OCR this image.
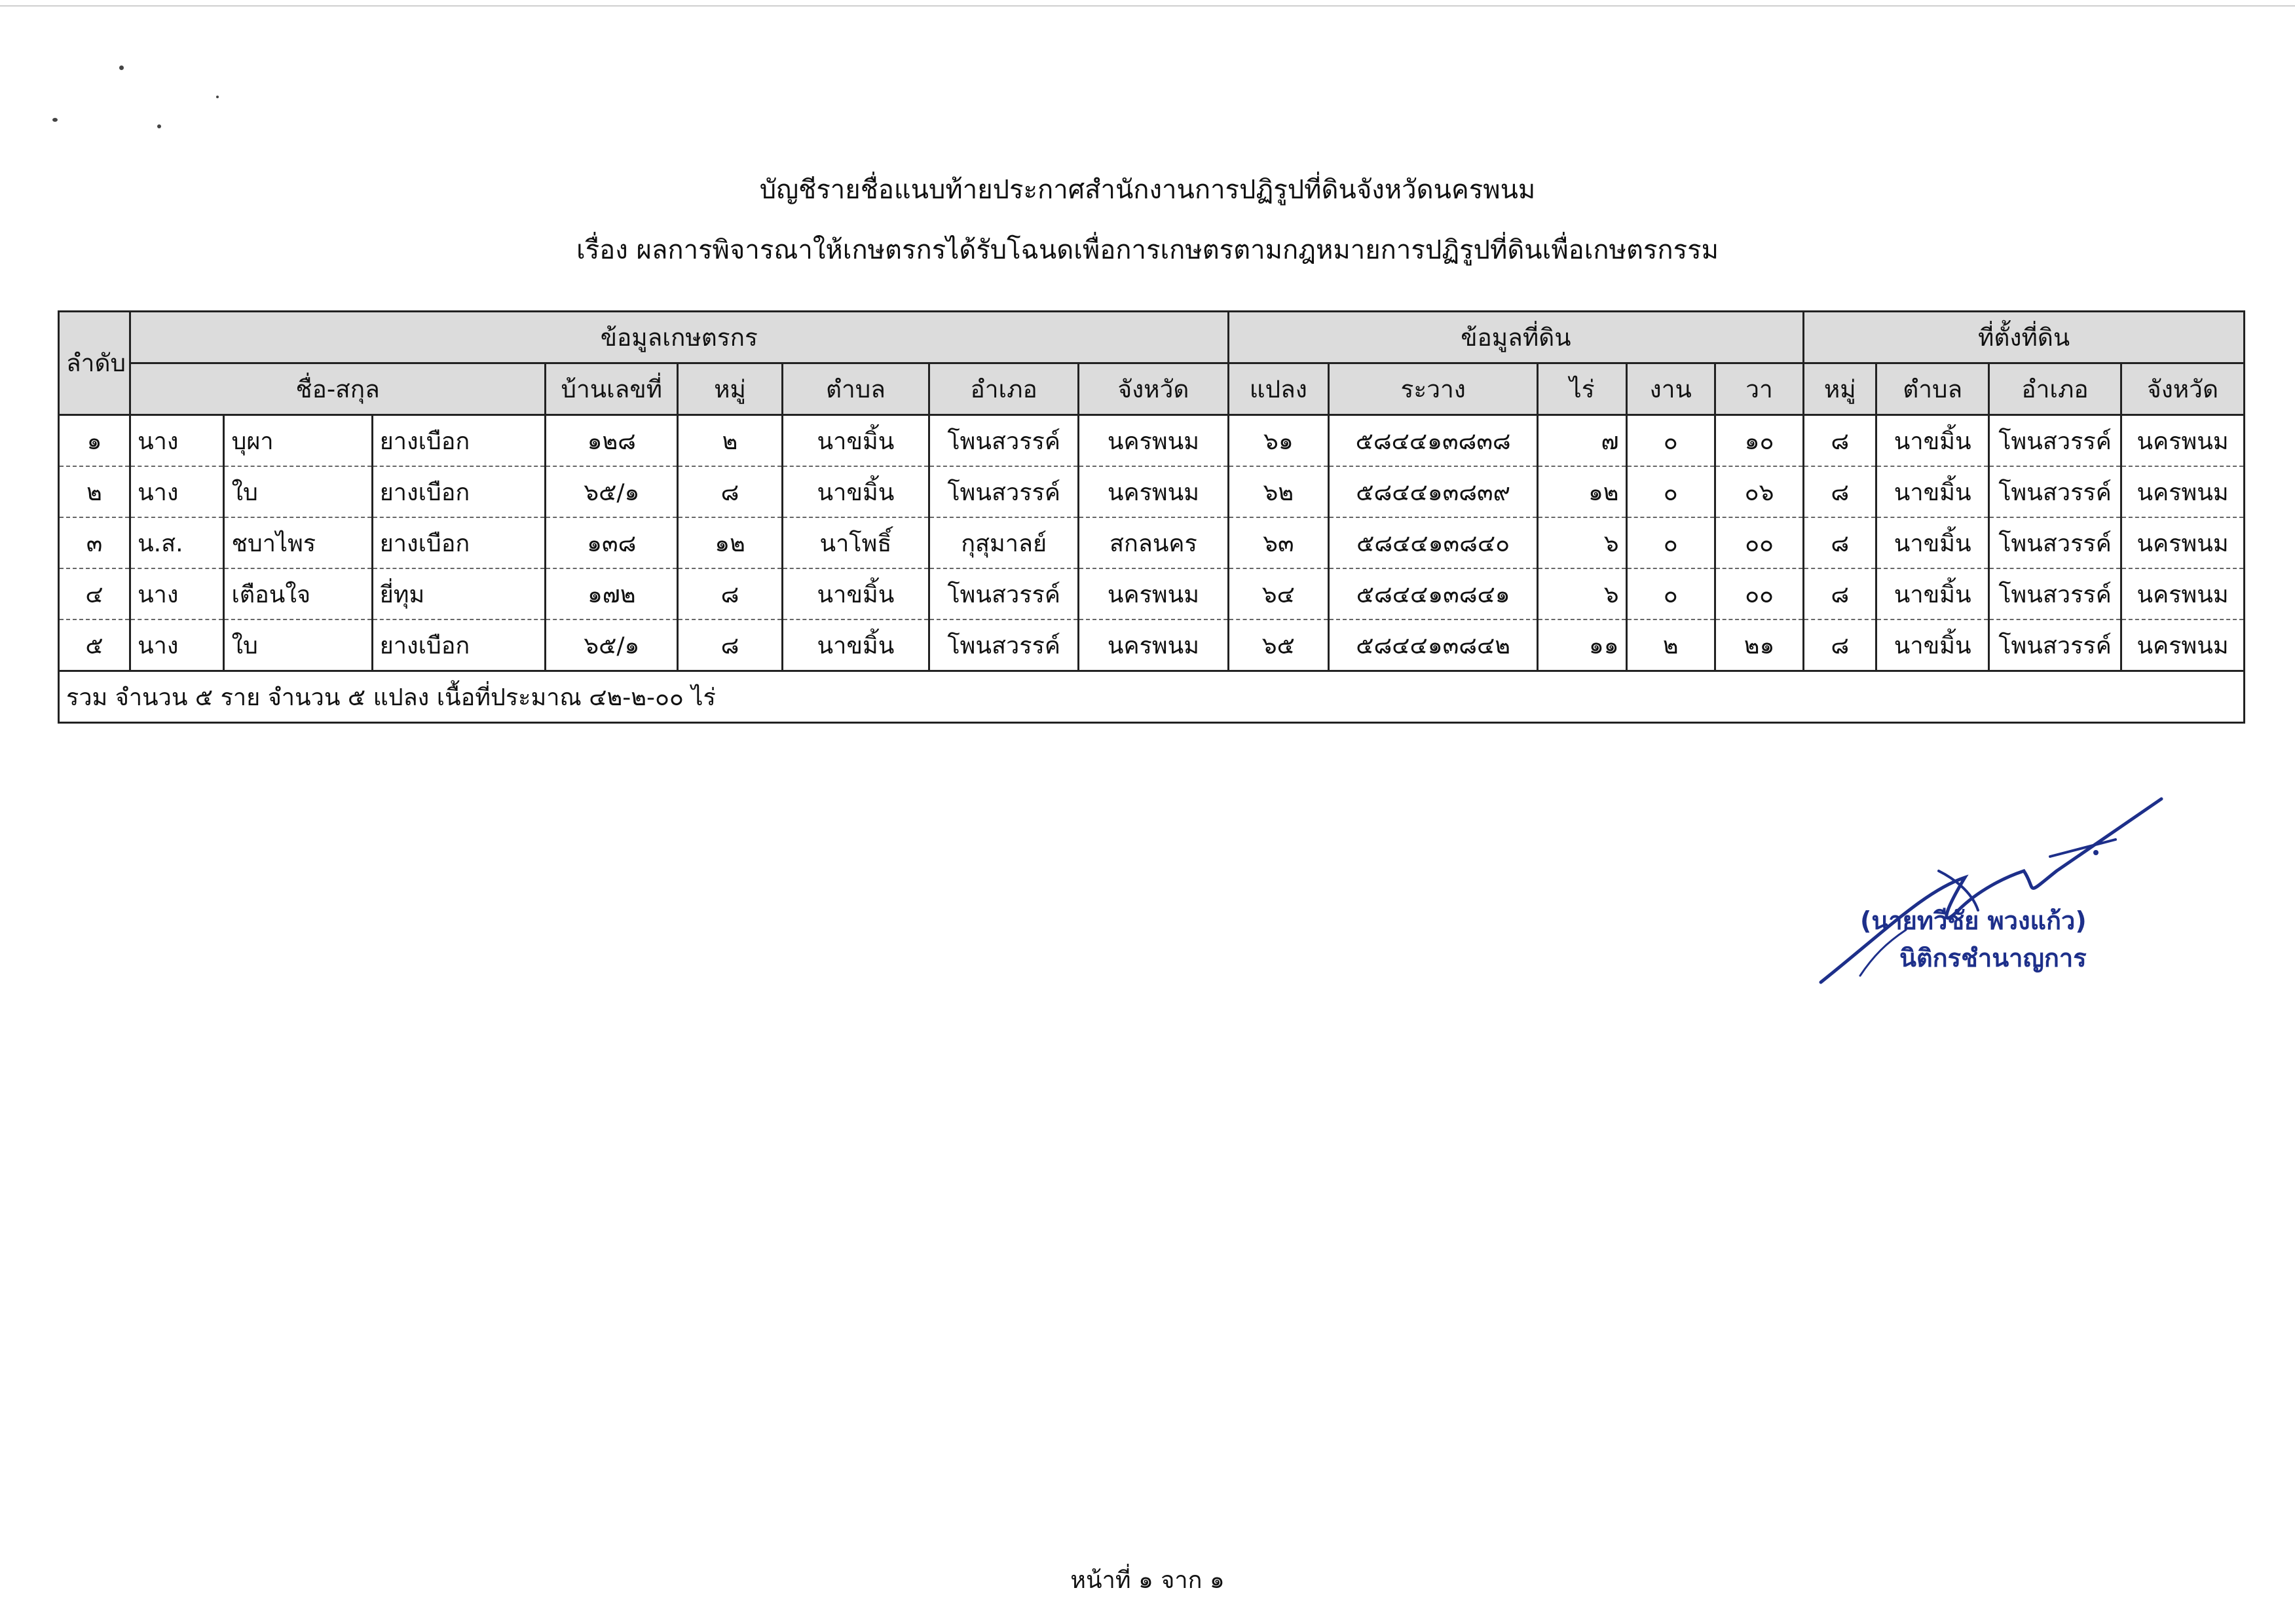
บัญชีรายชื่อแนบท้ายประกาศสำนักงานการปฏิรูปที่ดินจังหวัดนครพนม
เรื่อง ผลการพิจารณาให้เกษตรกรได้รับโฉนดเพื่อการเกษตรตามกฎหมายการปฏิรูปที่ดินเพื่อเกษตรกรรม
ลำดับ	ข้อมูลเกษตรกร								ข้อมูลที่ดิน					ที่ตั้งที่ดิน			
	ชื่อ-สกุล			บ้านเลขที่	หมู่	ตำบล	อำเภอ	จังหวัด	แปลง	ระวาง	ไร่	งาน	วา	หมู่	ตำบล	อำเภอ	จังหวัด
๑	นาง	บุผา	ยางเบือก	๑๒๘	๒	นาขมิ้น	โพนสวรรค์	นครพนม	๖๑	๕๘๔๔๑๓๘๓๘	๗	๐	๑๐	๘	นาขมิ้น	โพนสวรรค์	นครพนม
๒	นาง	ใบ	ยางเบือก	๖๕/๑	๘	นาขมิ้น	โพนสวรรค์	นครพนม	๖๒	๕๘๔๔๑๓๘๓๙	๑๒	๐	๐๖	๘	นาขมิ้น	โพนสวรรค์	นครพนม
๓	น.ส.	ชบาไพร	ยางเบือก	๑๓๘	๑๒	นาโพธิ์	กุสุมาลย์	สกลนคร	๖๓	๕๘๔๔๑๓๘๔๐	๖	๐	๐๐	๘	นาขมิ้น	โพนสวรรค์	นครพนม
๔	นาง	เตือนใจ	ยี่ทุม	๑๗๒	๘	นาขมิ้น	โพนสวรรค์	นครพนม	๖๔	๕๘๔๔๑๓๘๔๑	๖	๐	๐๐	๘	นาขมิ้น	โพนสวรรค์	นครพนม
๕	นาง	ใบ	ยางเบือก	๖๕/๑	๘	นาขมิ้น	โพนสวรรค์	นครพนม	๖๕	๕๘๔๔๑๓๘๔๒	๑๑	๒	๒๑	๘	นาขมิ้น	โพนสวรรค์	นครพนม
รวม จำนวน ๕ ราย จำนวน ๕ แปลง เนื้อที่ประมาณ ๔๒-๒-๐๐ ไร่																	
(นายทวีชัย พวงแก้ว)
นิติกรชำนาญการ
หน้าที่ ๑ จาก ๑
